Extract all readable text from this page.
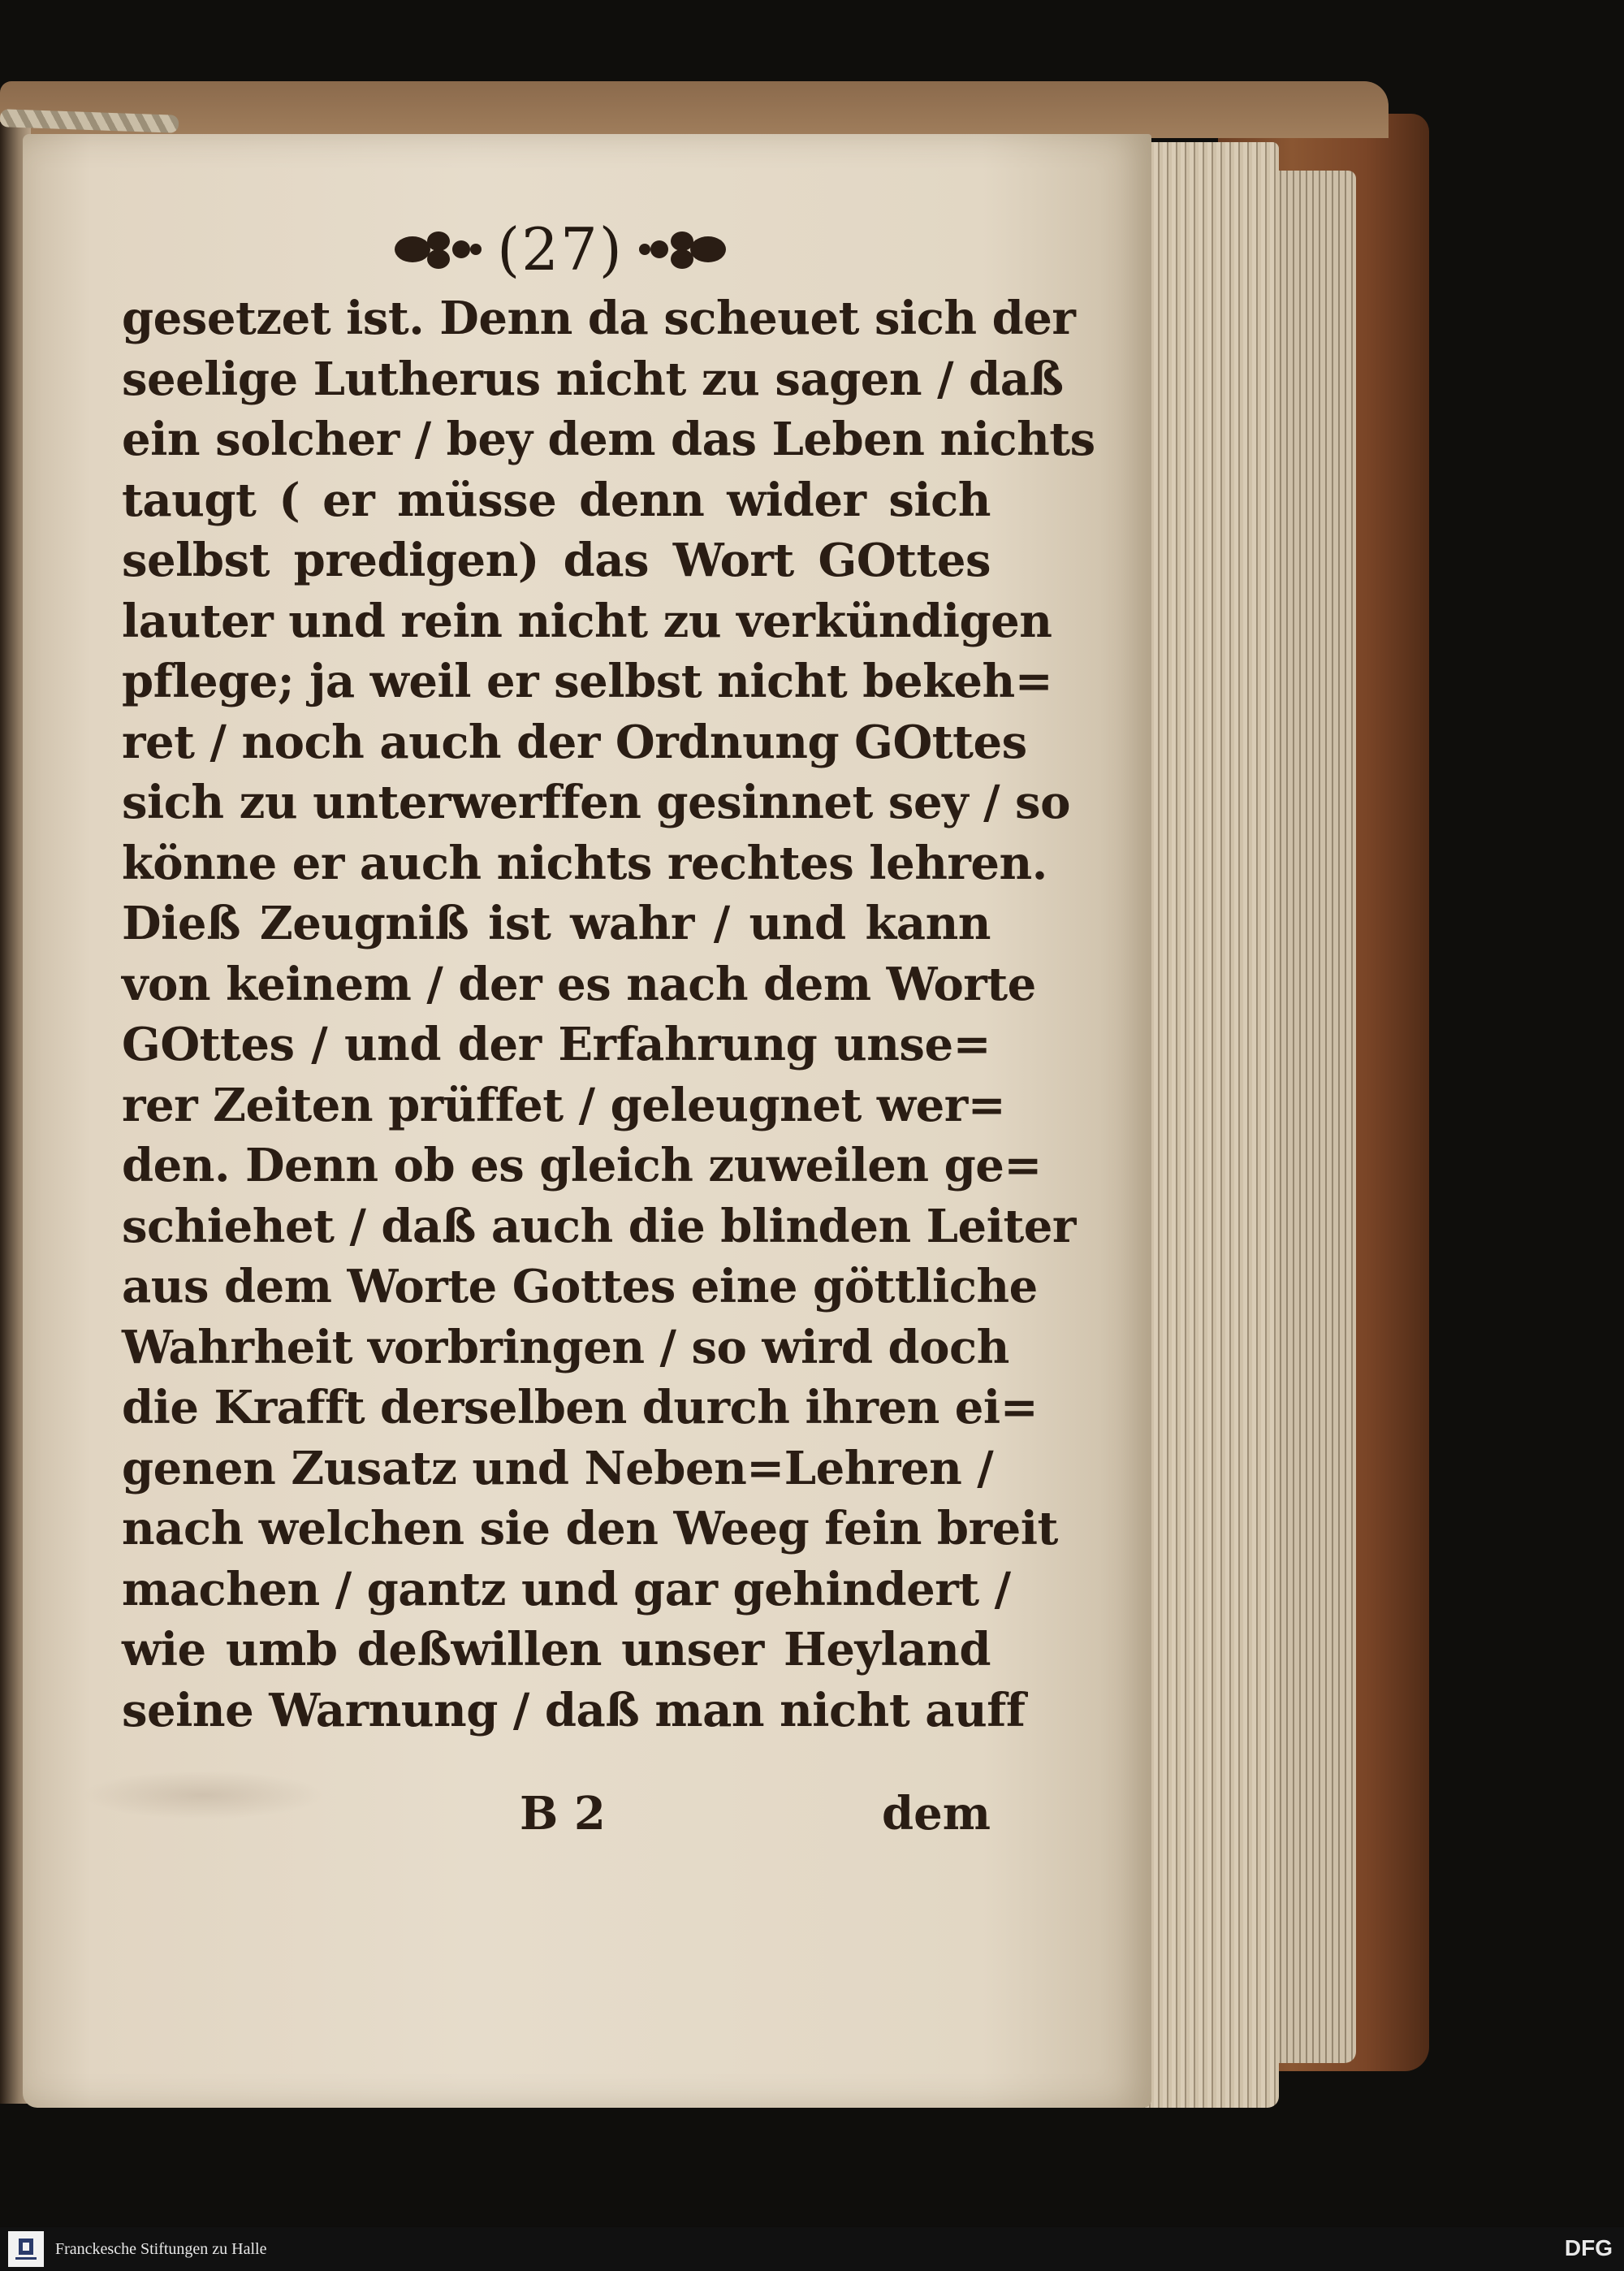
(27)
gesetzet ist. Denn da scheuet sich der
seelige Lutherus nicht zu sagen / daß
ein solcher / bey dem das Leben nichts
taugt ( er müsse denn wider sich
selbst predigen) das Wort GOttes
lauter und rein nicht zu verkündigen
pflege; ja weil er selbst nicht bekeh=
ret / noch auch der Ordnung GOttes
sich zu unterwerffen gesinnet sey / so
könne er auch nichts rechtes lehren.
Dieß Zeugniß ist wahr / und kann
von keinem / der es nach dem Worte
GOttes / und der Erfahrung unse=
rer Zeiten prüffet / geleugnet wer=
den. Denn ob es gleich zuweilen ge=
schiehet / daß auch die blinden Leiter
aus dem Worte Gottes eine göttliche
Wahrheit vorbringen / so wird doch
die Krafft derselben durch ihren ei=
genen Zusatz und Neben=Lehren /
nach welchen sie den Weeg fein breit
machen / gantz und gar gehindert /
wie umb deßwillen unser Heyland
seine Warnung / daß man nicht auff
B 2	dem
Franckesche Stiftungen zu Halle	DFG
